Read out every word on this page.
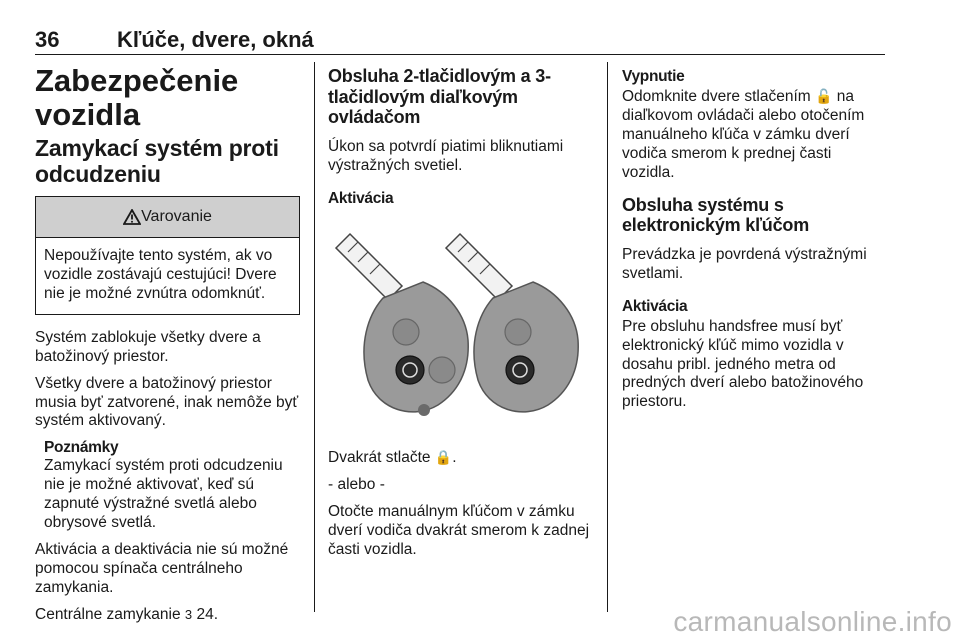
36	Kľúče, dvere, okná
Zabezpečenie vozidla
Zamykací systém proti odcudzeniu
Varovanie
Nepoužívajte tento systém, ak vo vozidle zostávajú cestujúci! Dvere nie je možné zvnútra odomknúť.
Systém zablokuje všetky dvere a batožinový priestor.
Všetky dvere a batožinový priestor musia byť zatvorené, inak nemôže byť systém aktivovaný.
Poznámky
Zamykací systém proti odcudzeniu nie je možné aktivovať, keď sú zapnuté výstražné svetlá alebo obrysové svetlá.
Aktivácia a deaktivácia nie sú možné pomocou spínača centrálneho zamykania.
Centrálne zamykanie 3 24.
Obsluha 2-tlačidlovým a 3-tlačidlovým diaľkovým ovládačom
Úkon sa potvrdí piatimi bliknutiami výstražných svetiel.
Aktivácia
Dvakrát stlačte 🔒.
- alebo -
Otočte manuálnym kľúčom v zámku dverí vodiča dvakrát smerom k zadnej časti vozidla.
Vypnutie
Odomknite dvere stlačením 🔓 na diaľkovom ovládači alebo otočením manuálneho kľúča v zámku dverí vodiča smerom k prednej časti vozidla.
Obsluha systému s elektronickým kľúčom
Prevádzka je povrdená výstražnými svetlami.
Aktivácia
Pre obsluhu handsfree musí byť elektronický kľúč mimo vozidla v dosahu pribl. jedného metra od predných dverí alebo batožinového priestoru.
carmanualsonline.info
